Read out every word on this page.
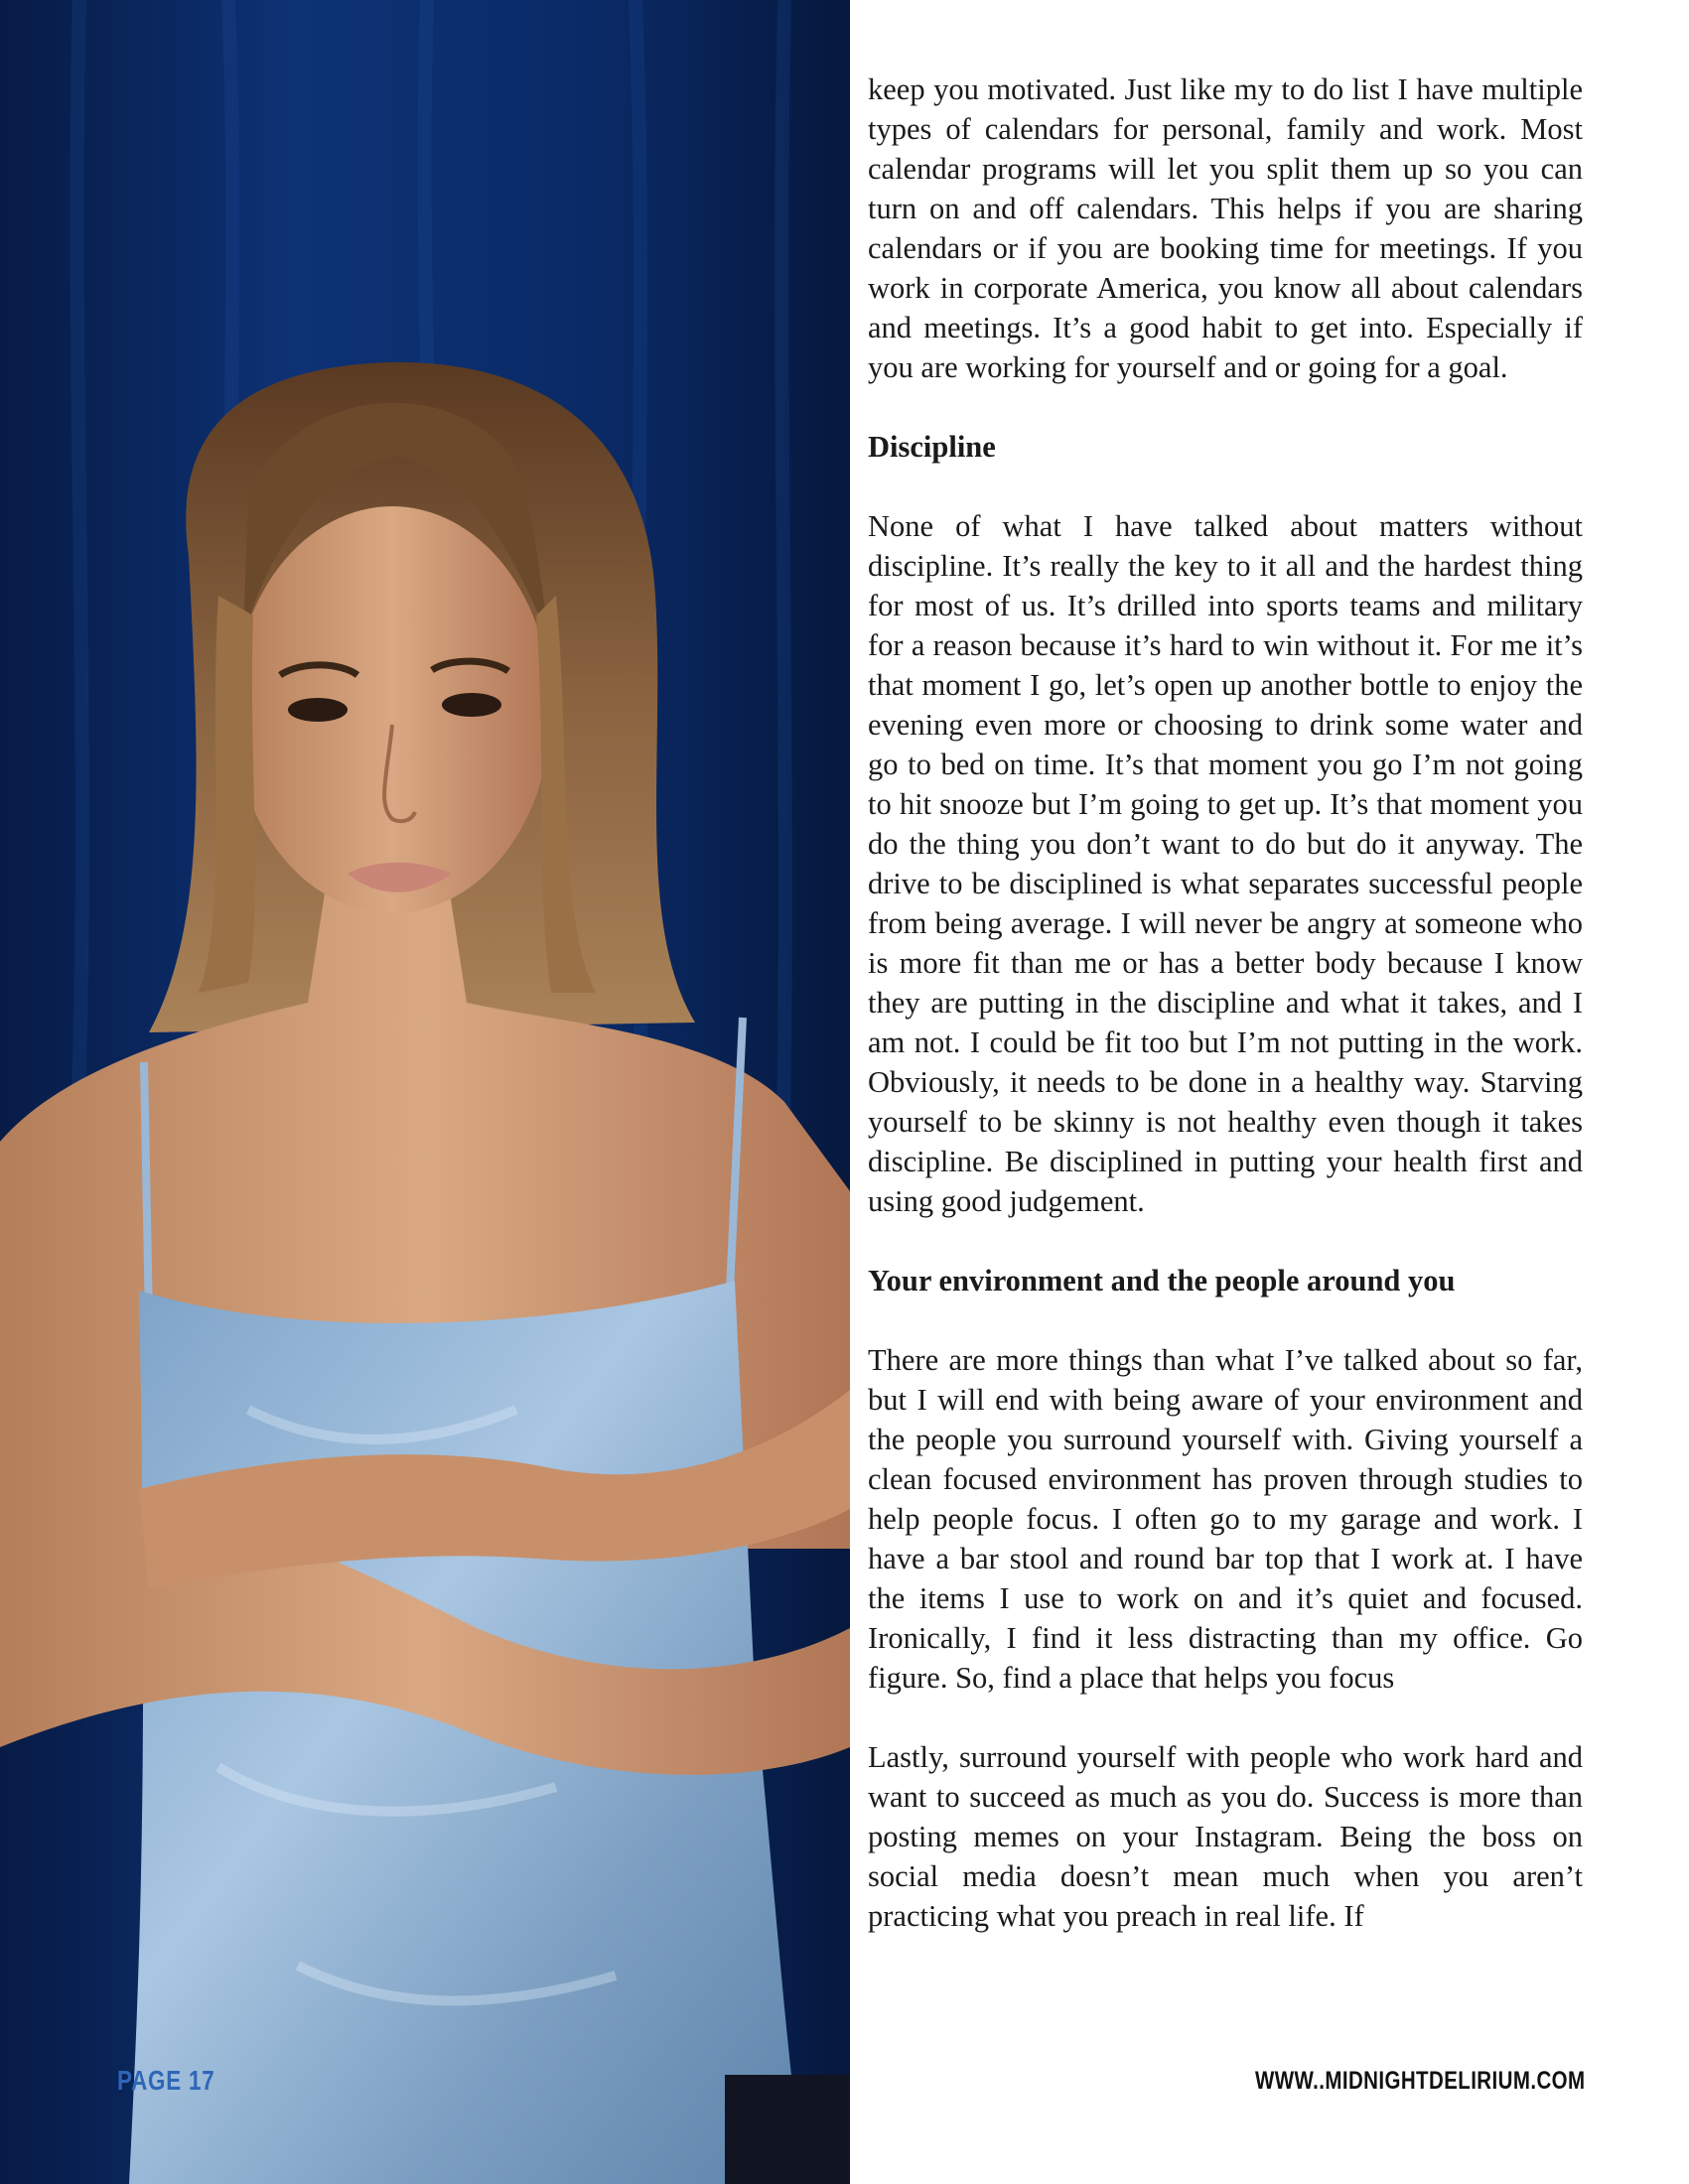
keep you motivated. Just like my to do list I have multiple types of calendars for personal, family and work. Most calendar programs will let you split them up so you can turn on and off calendars. This helps if you are sharing calendars or if you are booking time for meetings. If you work in corporate America, you know all about calendars and meetings. It’s a good habit to get into. Especially if you are working for yourself and or going for a goal.

Discipline

None of what I have talked about matters without discipline. It’s really the key to it all and the hardest thing for most of us. It’s drilled into sports teams and military for a reason because it’s hard to win without it. For me it’s that moment I go, let’s open up another bottle to enjoy the evening even more or choosing to drink some water and go to bed on time. It’s that moment you go I’m not going to hit snooze but I’m going to get up. It’s that moment you do the thing you don’t want to do but do it anyway. The drive to be disciplined is what separates successful people from being average. I will never be angry at someone who is more fit than me or has a better body because I know they are putting in the discipline and what it takes, and I am not. I could be fit too but I’m not putting in the work. Obviously, it needs to be done in a healthy way. Starving yourself to be skinny is not healthy even though it takes discipline. Be disciplined in putting your health first and using good judgement.

Your environment and the people around you

There are more things than what I’ve talked about so far, but I will end with being aware of your environment and the people you surround yourself with. Giving yourself a clean focused environment has proven through studies to help people focus. I often go to my garage and work. I have a bar stool and round bar top that I work at. I have the items I use to work on and it’s quiet and focused. Ironically, I find it less distracting than my office. Go figure. So, find a place that helps you focus

Lastly, surround yourself with people who work hard and want to succeed as much as you do. Success is more than posting memes on your Instagram. Being the boss on social media doesn’t mean much when you aren’t practicing what you preach in real life. If

PAGE 17	WWW..MIDNIGHTDELIRIUM.COM
